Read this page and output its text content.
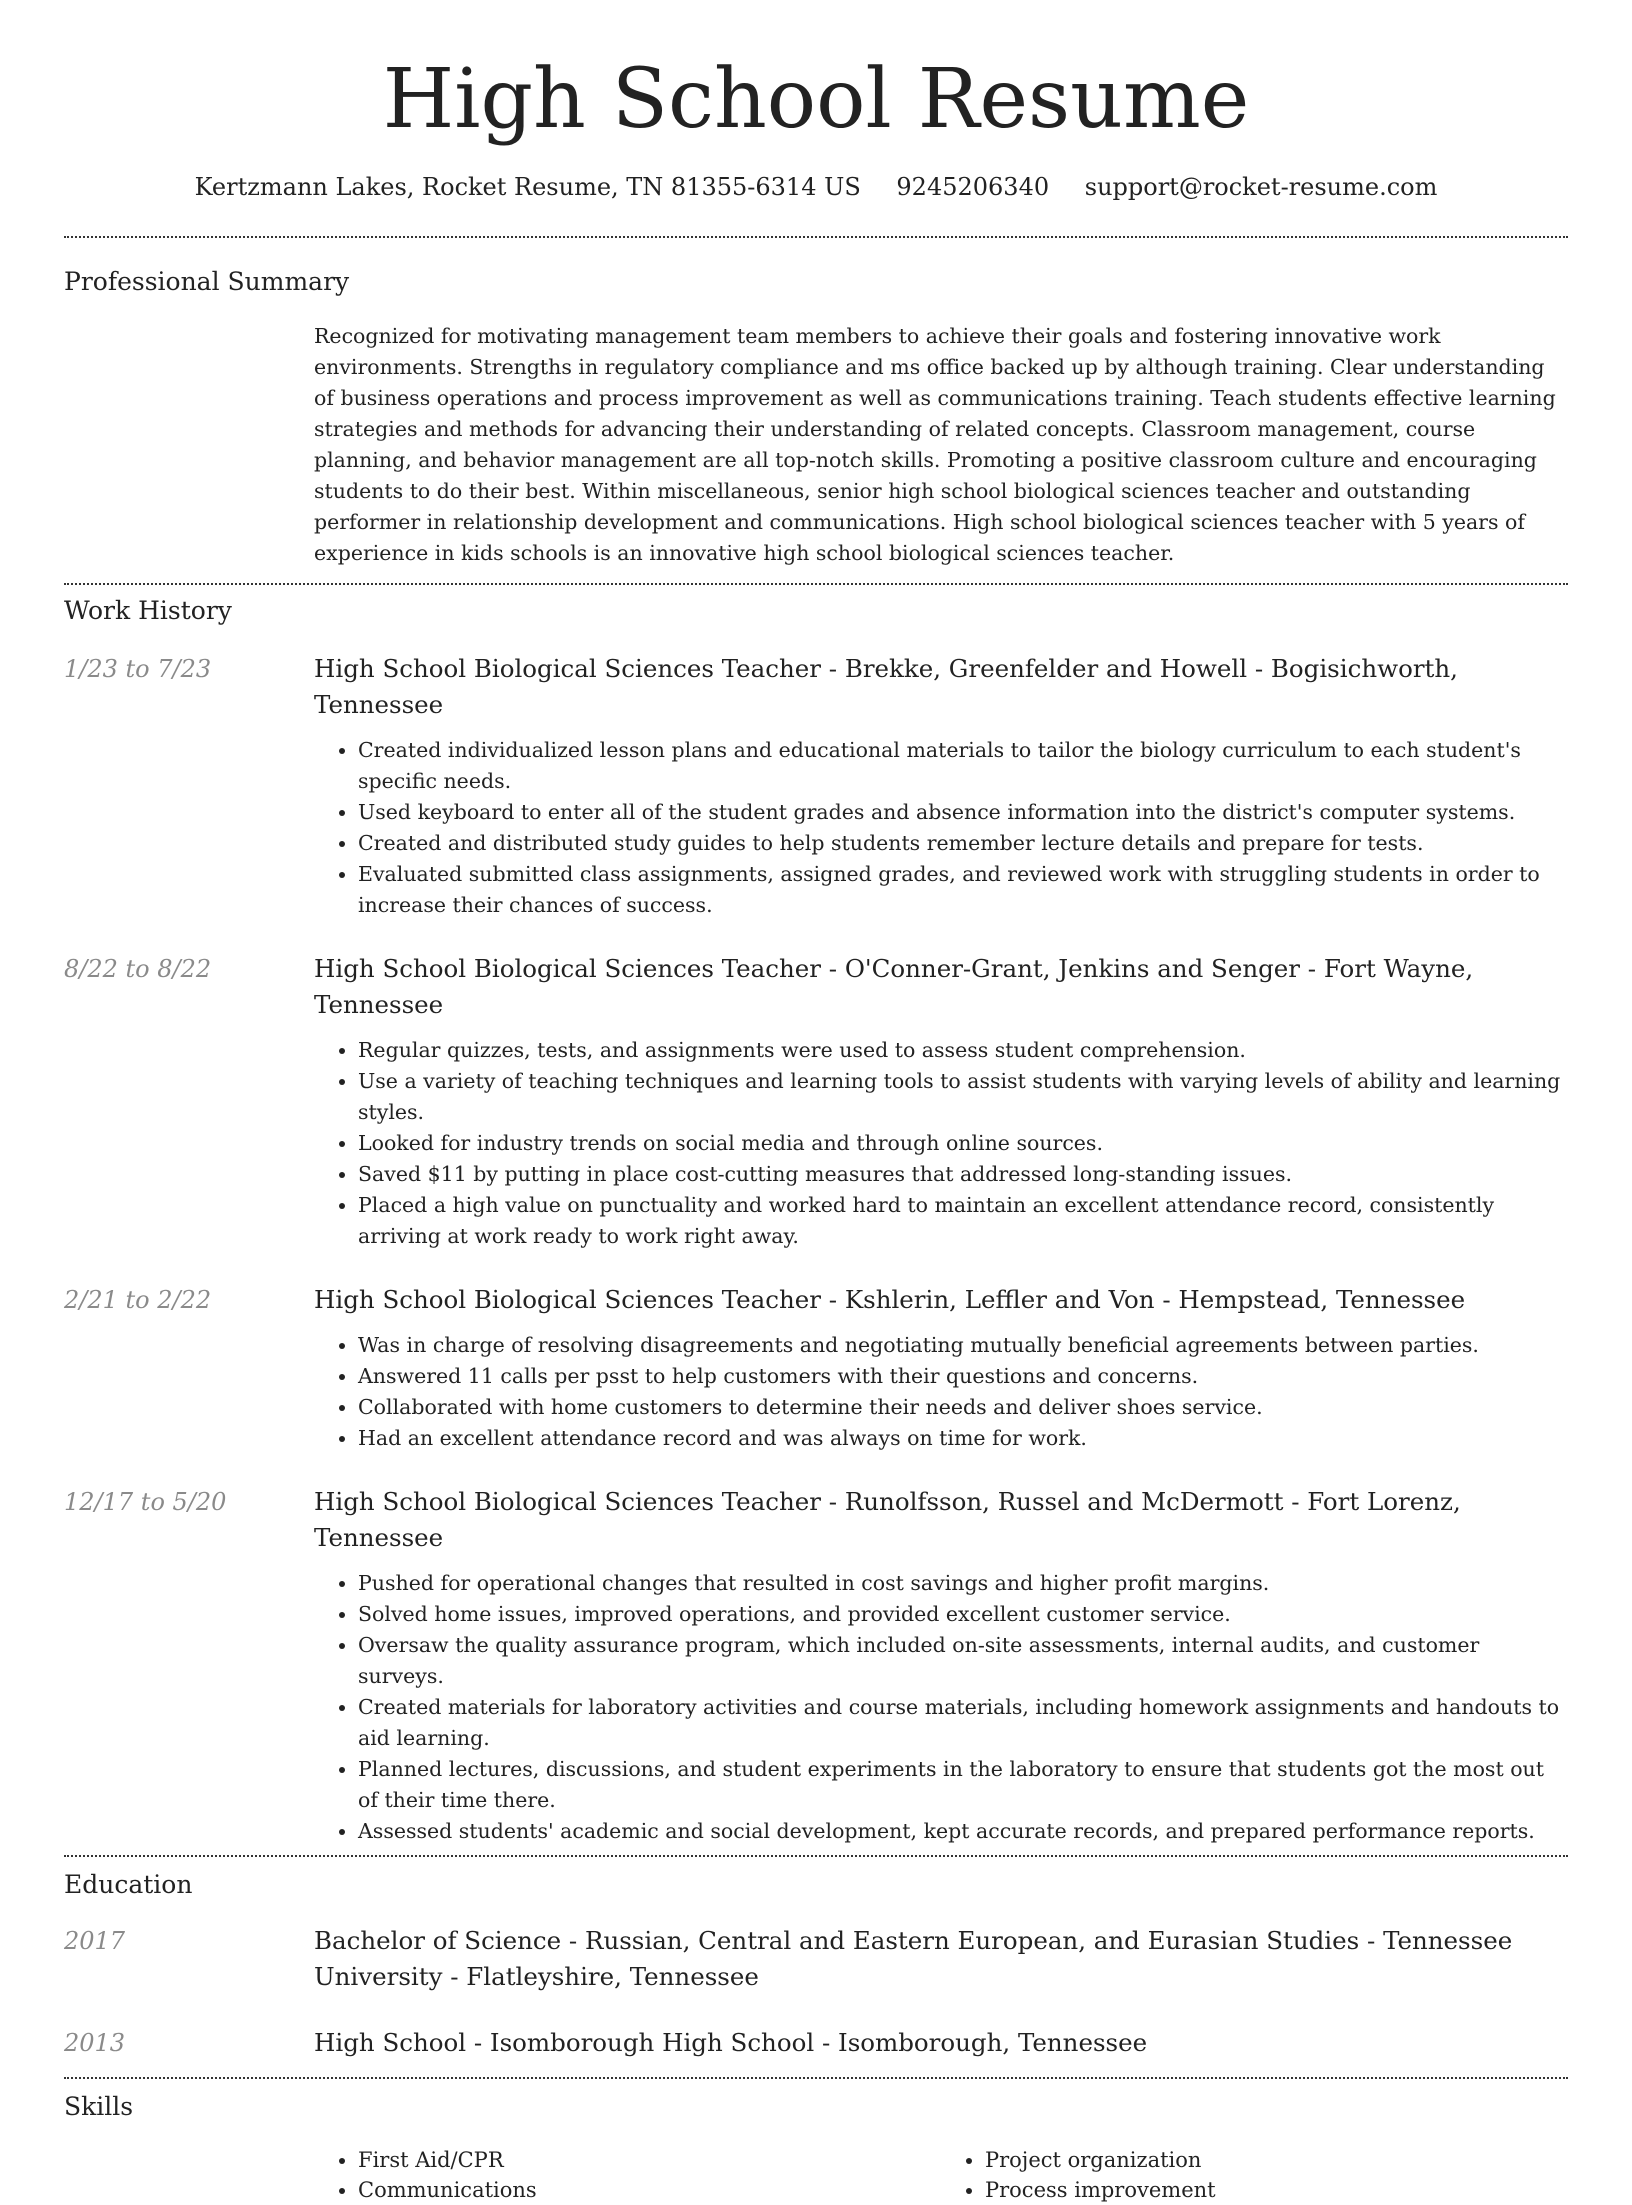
High School Resume
Kertzmann Lakes, Rocket Resume, TN 81355-6314 US 9245206340 support@rocket-resume.com
Professional Summary

Recognized for motivating management team members to achieve their goals and fostering innovative work environments. Strengths in regulatory compliance and ms office backed up by although training. Clear understanding of business operations and process improvement as well as communications training. Teach students effective learning strategies and methods for advancing their understanding of related concepts. Classroom management, course planning, and behavior management are all top-notch skills. Promoting a positive classroom culture and encouraging students to do their best. Within miscellaneous, senior high school biological sciences teacher and outstanding performer in relationship development and communications. High school biological sciences teacher with 5 years of experience in kids schools is an innovative high school biological sciences teacher.

Work History
1/23 to 7/23	High School Biological Sciences Teacher - Brekke, Greenfelder and Howell - Bogisichworth, Tennessee
• Created individualized lesson plans and educational materials to tailor the biology curriculum to each student's specific needs.
• Used keyboard to enter all of the student grades and absence information into the district's computer systems.
• Created and distributed study guides to help students remember lecture details and prepare for tests.
• Evaluated submitted class assignments, assigned grades, and reviewed work with struggling students in order to increase their chances of success.
8/22 to 8/22	High School Biological Sciences Teacher - O'Conner-Grant, Jenkins and Senger - Fort Wayne, Tennessee
• Regular quizzes, tests, and assignments were used to assess student comprehension.
• Use a variety of teaching techniques and learning tools to assist students with varying levels of ability and learning styles.
• Looked for industry trends on social media and through online sources.
• Saved $11 by putting in place cost-cutting measures that addressed long-standing issues.
• Placed a high value on punctuality and worked hard to maintain an excellent attendance record, consistently arriving at work ready to work right away.
2/21 to 2/22	High School Biological Sciences Teacher - Kshlerin, Leffler and Von - Hempstead, Tennessee
• Was in charge of resolving disagreements and negotiating mutually beneficial agreements between parties.
• Answered 11 calls per psst to help customers with their questions and concerns.
• Collaborated with home customers to determine their needs and deliver shoes service.
• Had an excellent attendance record and was always on time for work.
12/17 to 5/20	High School Biological Sciences Teacher - Runolfsson, Russel and McDermott - Fort Lorenz, Tennessee
• Pushed for operational changes that resulted in cost savings and higher profit margins.
• Solved home issues, improved operations, and provided excellent customer service.
• Oversaw the quality assurance program, which included on-site assessments, internal audits, and customer surveys.
• Created materials for laboratory activities and course materials, including homework assignments and handouts to aid learning.
• Planned lectures, discussions, and student experiments in the laboratory to ensure that students got the most out of their time there.
• Assessed students' academic and social development, kept accurate records, and prepared performance reports.
Education
2017	Bachelor of Science - Russian, Central and Eastern European, and Eurasian Studies - Tennessee University - Flatleyshire, Tennessee
2013	High School - Isomborough High School - Isomborough, Tennessee
Skills
• First Aid/CPR
• Communications
• Project organization
• Process improvement
